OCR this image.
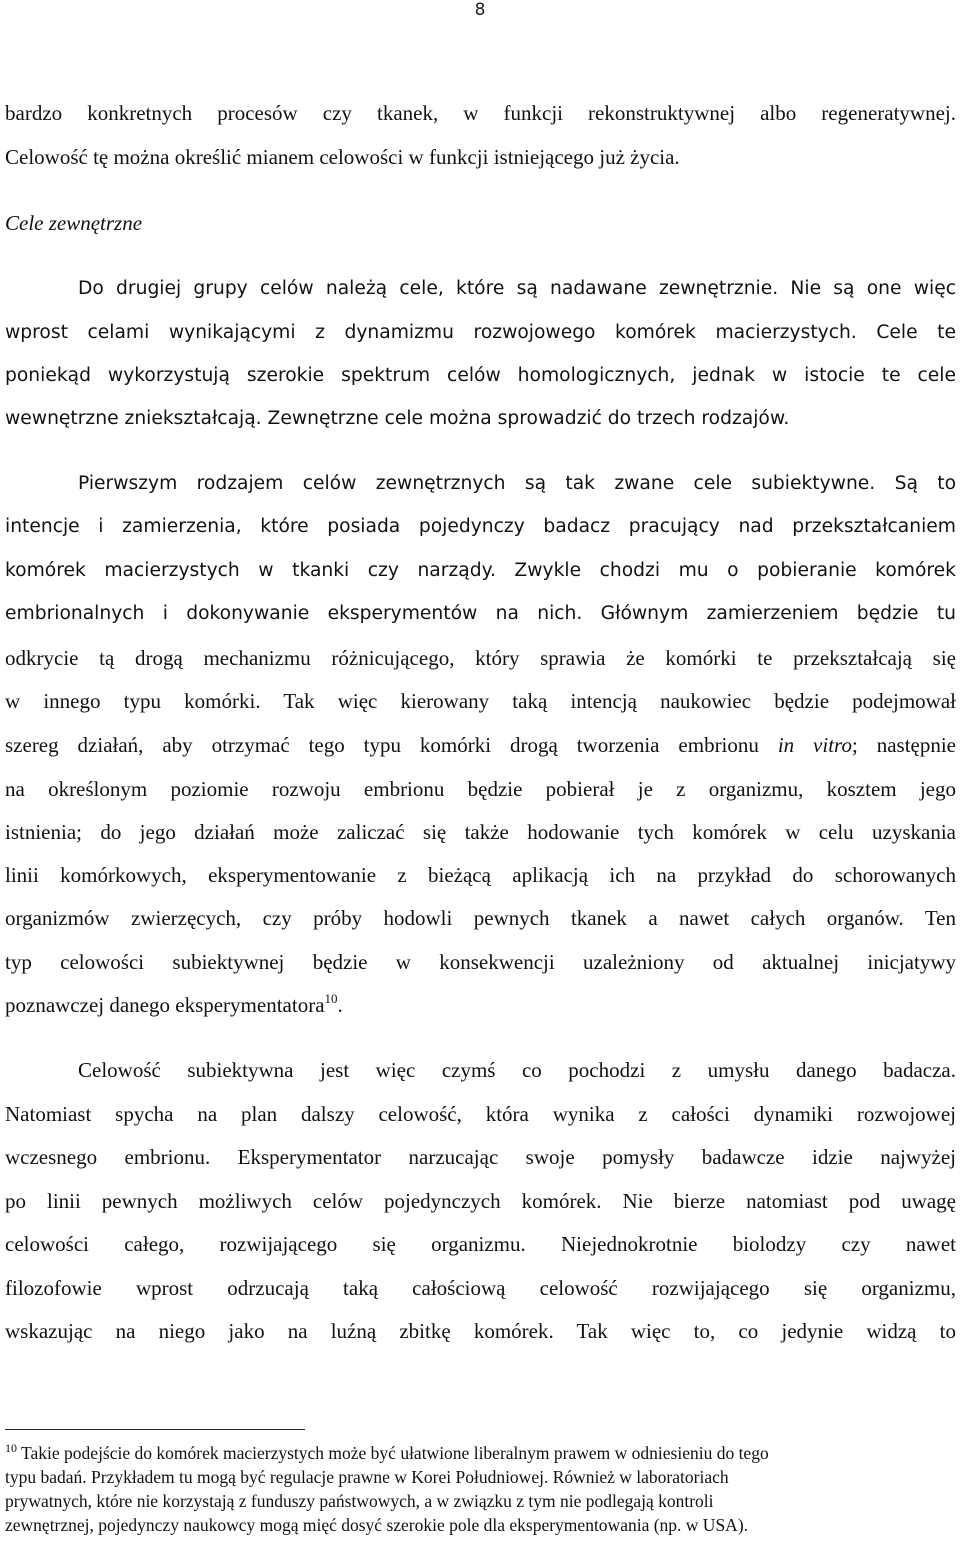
8
bardzo konkretnych procesów czy tkanek, w funkcji rekonstruktywnej albo regeneratywnej.
Celowość tę można określić mianem celowości w funkcji istniejącego już życia.
Cele zewnętrzne
Do drugiej grupy celów należą cele, które są nadawane zewnętrznie. Nie są one więc
wprost celami wynikającymi z dynamizmu rozwojowego komórek macierzystych. Cele te
poniekąd wykorzystują szerokie spektrum celów homologicznych, jednak w istocie te cele
wewnętrzne zniekształcają. Zewnętrzne cele można sprowadzić do trzech rodzajów.
Pierwszym rodzajem celów zewnętrznych są tak zwane cele subiektywne. Są to
intencje i zamierzenia, które posiada pojedynczy badacz pracujący nad przekształcaniem
komórek macierzystych w tkanki czy narządy. Zwykle chodzi mu o pobieranie komórek
embrionalnych i dokonywanie eksperymentów na nich. Głównym zamierzeniem będzie tu
odkrycie tą drogą mechanizmu różnicującego, który sprawia że komórki te przekształcają się
w innego typu komórki. Tak więc kierowany taką intencją naukowiec będzie podejmował
szereg działań, aby otrzymać tego typu komórki drogą tworzenia embrionu in vitro; następnie
na określonym poziomie rozwoju embrionu będzie pobierał je z organizmu, kosztem jego
istnienia; do jego działań może zaliczać się także hodowanie tych komórek w celu uzyskania
linii komórkowych, eksperymentowanie z bieżącą aplikacją ich na przykład do schorowanych
organizmów zwierzęcych, czy próby hodowli pewnych tkanek a nawet całych organów. Ten
typ celowości subiektywnej będzie w konsekwencji uzależniony od aktualnej inicjatywy
poznawczej danego eksperymentatora$^{10}$.
Celowość subiektywna jest więc czymś co pochodzi z umysłu danego badacza.
Natomiast spycha na plan dalszy celowość, która wynika z całości dynamiki rozwojowej
wczesnego embrionu. Eksperymentator narzucając swoje pomysły badawcze idzie najwyżej
po linii pewnych możliwych celów pojedynczych komórek. Nie bierze natomiast pod uwagę
celowości całego, rozwijającego się organizmu. Niejednokrotnie biolodzy czy nawet
filozofowie wprost odrzucają taką całościową celowość rozwijającego się organizmu,
wskazując na niego jako na luźną zbitkę komórek. Tak więc to, co jedynie widzą to
$^{10}$ Takie podejście do komórek macierzystych może być ułatwione liberalnym prawem w odniesieniu do tego
typu badań. Przykładem tu mogą być regulacje prawne w Korei Południowej. Również w laboratoriach
prywatnych, które nie korzystają z funduszy państwowych, a w związku z tym nie podlegają kontroli
zewnętrznej, pojedynczy naukowcy mogą mięć dosyć szerokie pole dla eksperymentowania (np. w USA).
